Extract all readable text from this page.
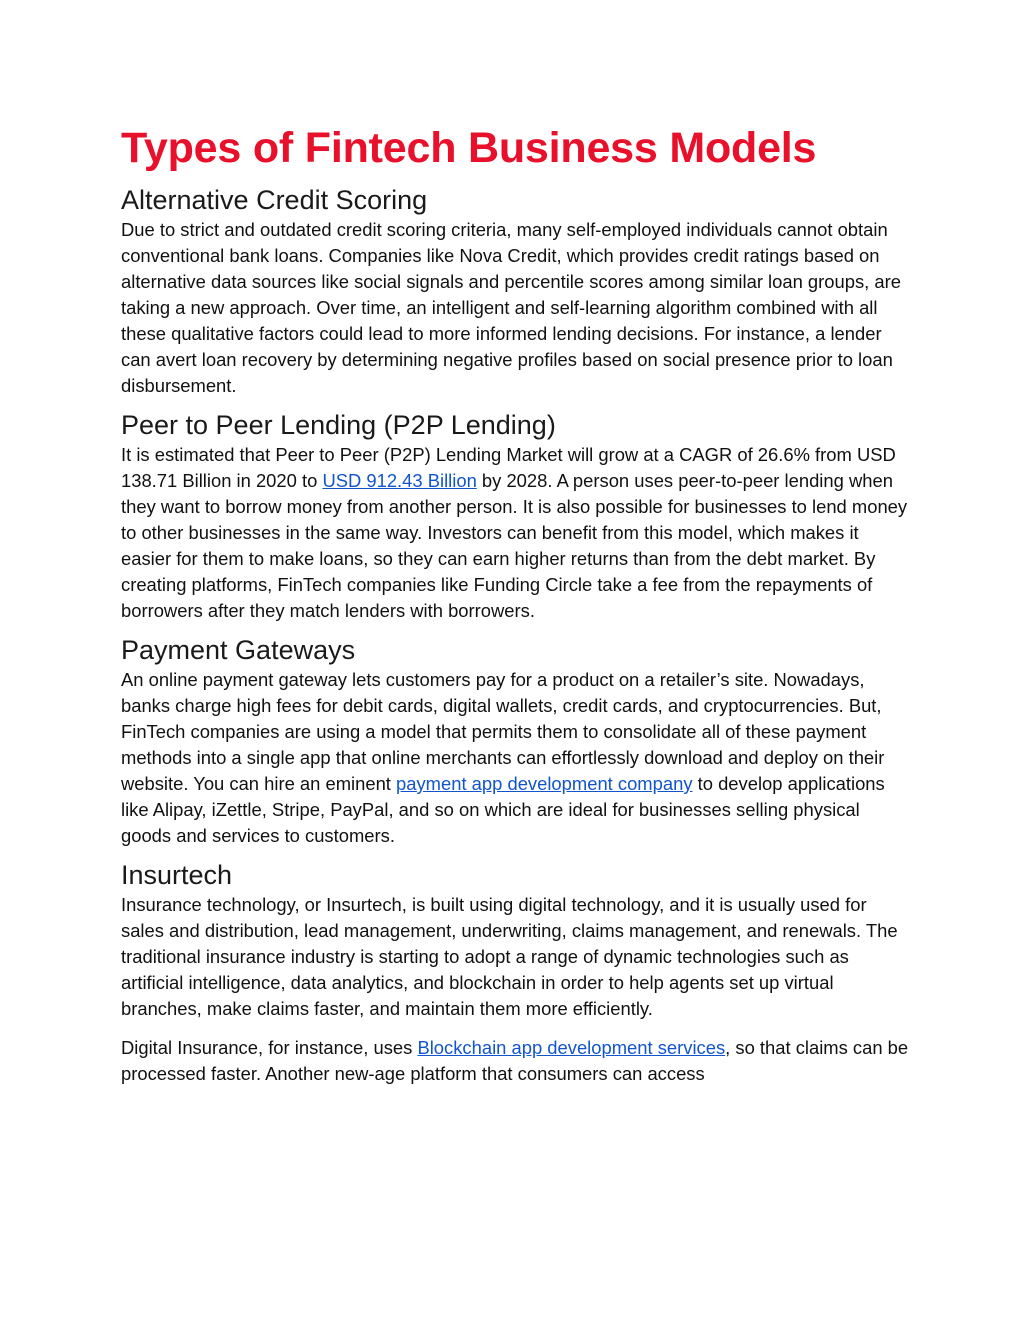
Types of Fintech Business Models
Alternative Credit Scoring

Due to strict and outdated credit scoring criteria, many self-employed individuals cannot obtain conventional bank loans. Companies like Nova Credit, which provides credit ratings based on alternative data sources like social signals and percentile scores among similar loan groups, are taking a new approach. Over time, an intelligent and self-learning algorithm combined with all these qualitative factors could lead to more informed lending decisions. For instance, a lender can avert loan recovery by determining negative profiles based on social presence prior to loan disbursement.

Peer to Peer Lending (P2P Lending)

It is estimated that Peer to Peer (P2P) Lending Market will grow at a CAGR of 26.6% from USD 138.71 Billion in 2020 to USD 912.43 Billion by 2028. A person uses peer-to-peer lending when they want to borrow money from another person. It is also possible for businesses to lend money to other businesses in the same way. Investors can benefit from this model, which makes it easier for them to make loans, so they can earn higher returns than from the debt market. By creating platforms, FinTech companies like Funding Circle take a fee from the repayments of borrowers after they match lenders with borrowers.

Payment Gateways

An online payment gateway lets customers pay for a product on a retailer’s site. Nowadays, banks charge high fees for debit cards, digital wallets, credit cards, and cryptocurrencies. But, FinTech companies are using a model that permits them to consolidate all of these payment methods into a single app that online merchants can effortlessly download and deploy on their website. You can hire an eminent payment app development company to develop applications like Alipay, iZettle, Stripe, PayPal, and so on which are ideal for businesses selling physical goods and services to customers.

Insurtech

Insurance technology, or Insurtech, is built using digital technology, and it is usually used for sales and distribution, lead management, underwriting, claims management, and renewals. The traditional insurance industry is starting to adopt a range of dynamic technologies such as artificial intelligence, data analytics, and blockchain in order to help agents set up virtual branches, make claims faster, and maintain them more efficiently.

Digital Insurance, for instance, uses Blockchain app development services, so that claims can be processed faster. Another new-age platform that consumers can access
